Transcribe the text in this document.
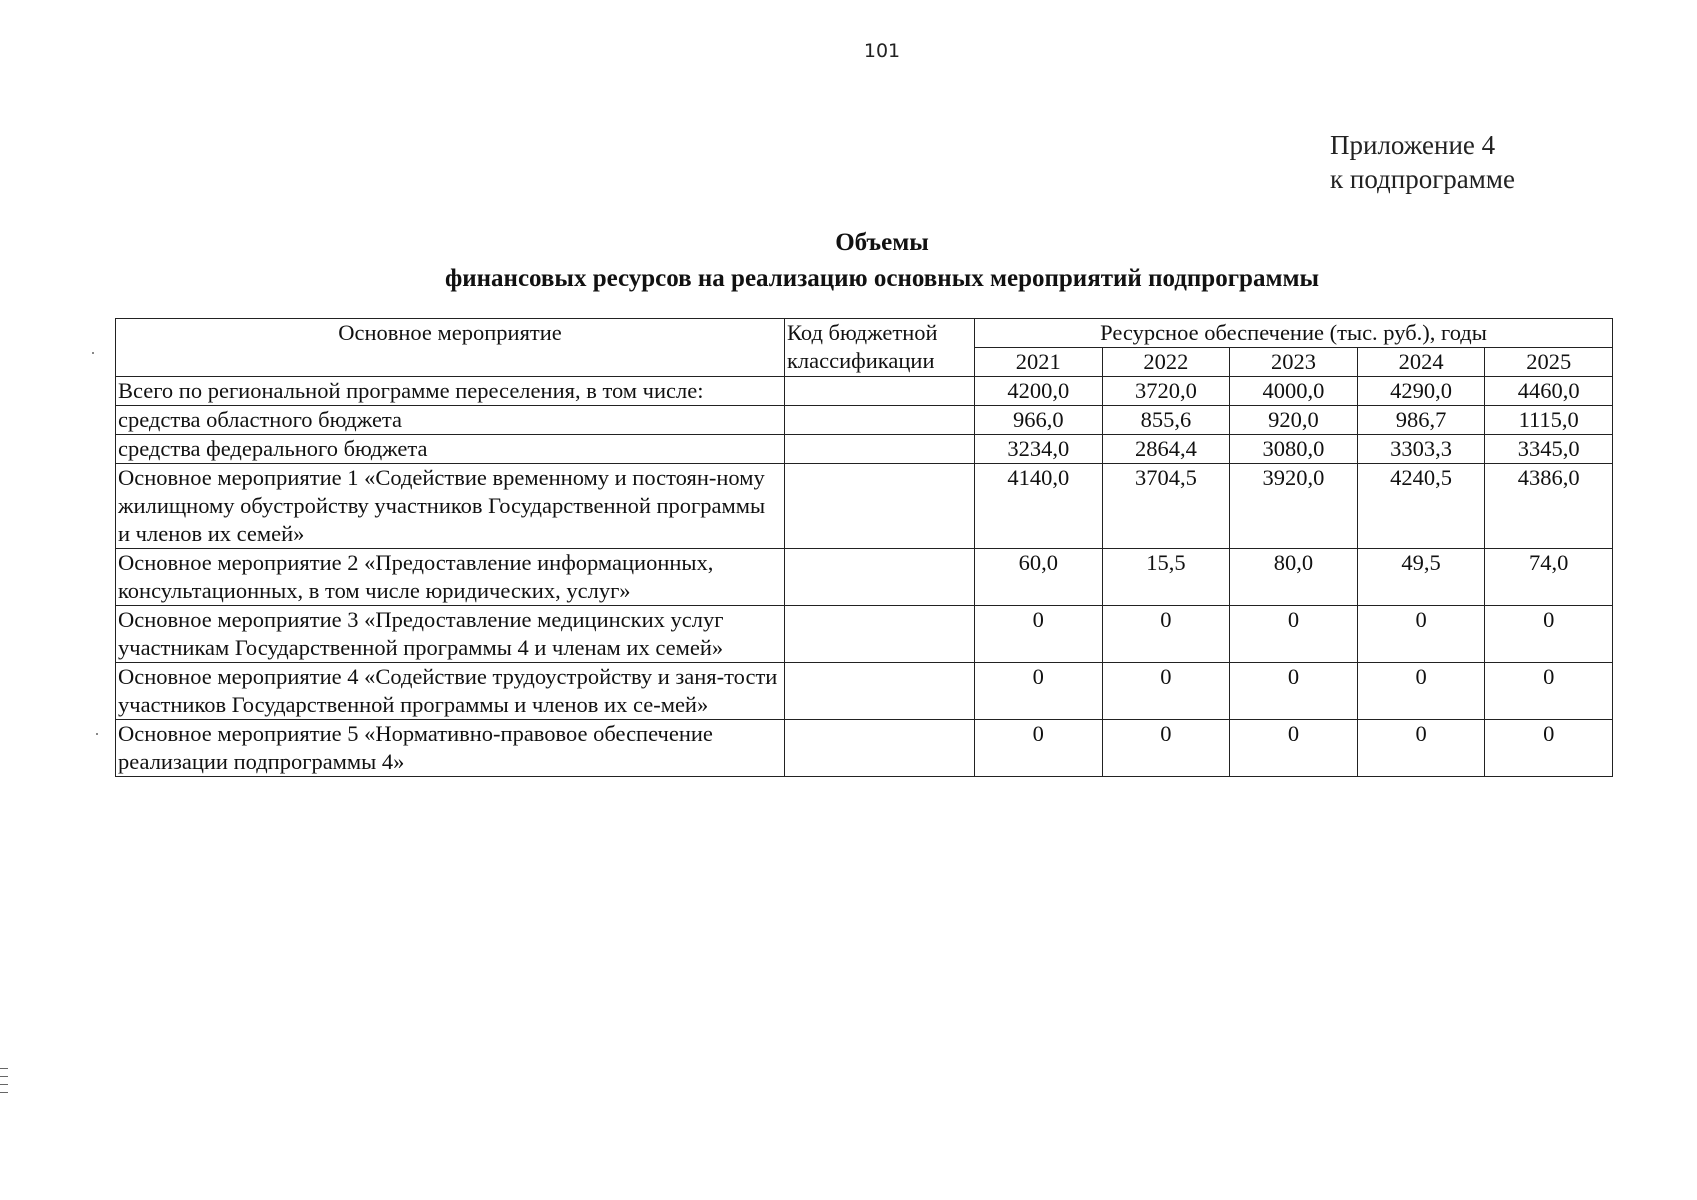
101
Приложение 4
к подпрограмме
Объемы
финансовых ресурсов на реализацию основных мероприятий подпрограммы
Основное мероприятие	Код бюджетной классификации	Ресурсное обеспечение (тыс. руб.), годы				
		2021	2022	2023	2024	2025
Всего по региональной программе переселения, в том числе:		4200,0	3720,0	4000,0	4290,0	4460,0
средства областного бюджета		966,0	855,6	920,0	986,7	1115,0
средства федерального бюджета		3234,0	2864,4	3080,0	3303,3	3345,0
Основное мероприятие 1 «Содействие временному и постоян-ному жилищному обустройству участников Государственной программы и членов их семей»		4140,0	3704,5	3920,0	4240,5	4386,0
Основное мероприятие 2 «Предоставление информационных, консультационных, в том числе юридических, услуг»		60,0	15,5	80,0	49,5	74,0
Основное мероприятие 3 «Предоставление медицинских услуг участникам Государственной программы 4 и членам их семей»		0	0	0	0	0
Основное мероприятие 4 «Содействие трудоустройству и заня-тости участников Государственной программы и членов их се-мей»		0	0	0	0	0
Основное мероприятие 5 «Нормативно-правовое обеспечение реализации подпрограммы 4»		0	0	0	0	0
